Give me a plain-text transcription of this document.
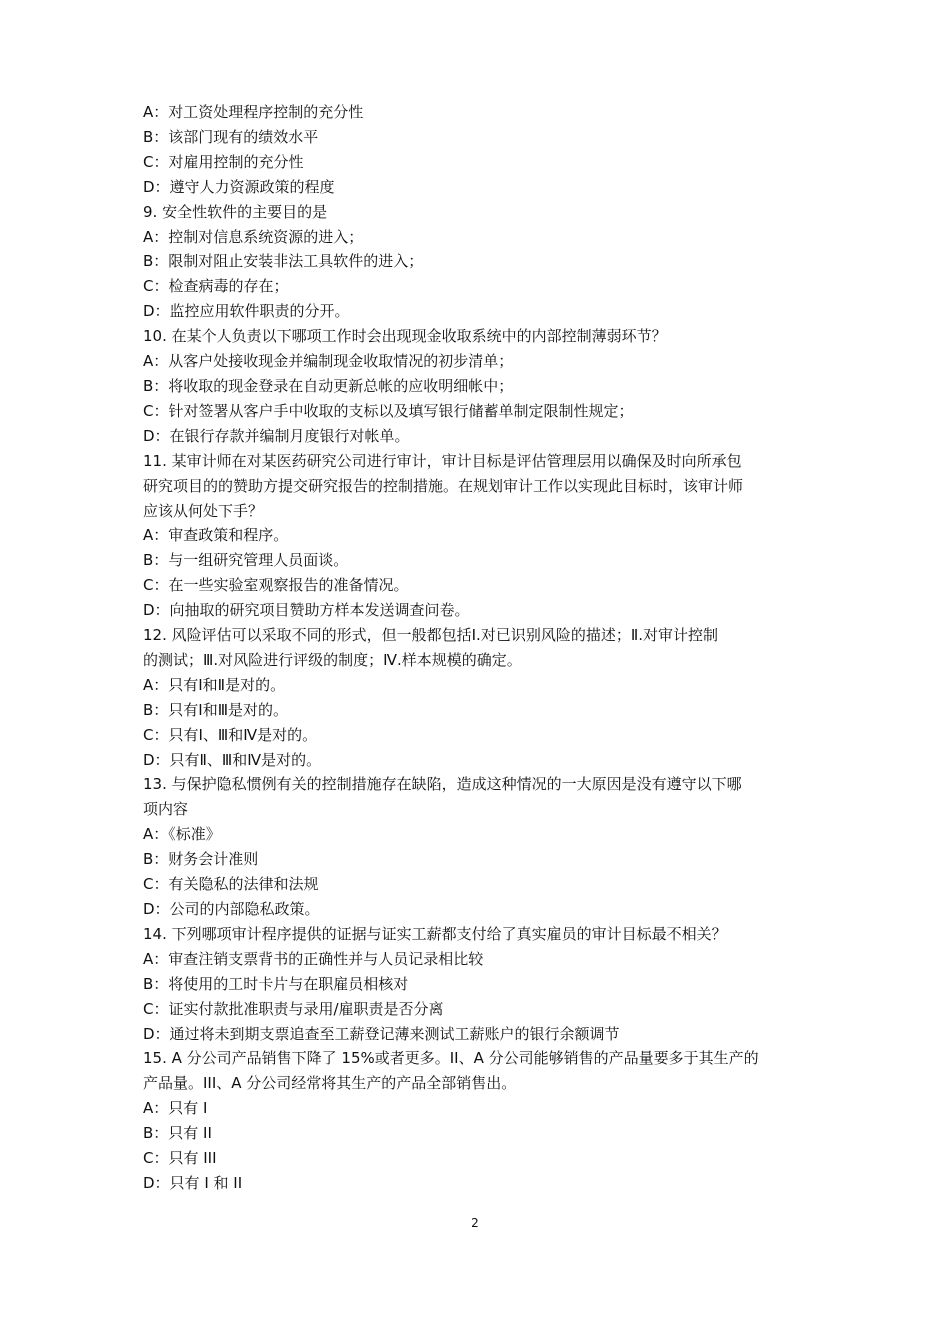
A：对工资处理程序控制的充分性

B：该部门现有的绩效水平

C：对雇用控制的充分性

D：遵守人力资源政策的程度

9. 安全性软件的主要目的是

A：控制对信息系统资源的进入；

B：限制对阻止安装非法工具软件的进入；

C：检查病毒的存在；

D：监控应用软件职责的分开。

10. 在某个人负责以下哪项工作时会出现现金收取系统中的内部控制薄弱环节？

A：从客户处接收现金并编制现金收取情况的初步清单；

B：将收取的现金登录在自动更新总帐的应收明细帐中；

C：针对签署从客户手中收取的支标以及填写银行储蓄单制定限制性规定；

D：在银行存款并编制月度银行对帐单。

11. 某审计师在对某医药研究公司进行审计，审计目标是评估管理层用以确保及时向所承包

研究项目的的赞助方提交研究报告的控制措施。在规划审计工作以实现此目标时，该审计师

应该从何处下手？

A：审查政策和程序。

B：与一组研究管理人员面谈。

C：在一些实验室观察报告的准备情况。

D：向抽取的研究项目赞助方样本发送调查问卷。

12. 风险评估可以采取不同的形式，但一般都包括Ⅰ.对已识别风险的描述；Ⅱ.对审计控制

的测试；Ⅲ.对风险进行评级的制度；Ⅳ.样本规模的确定。

A：只有Ⅰ和Ⅱ是对的。

B：只有Ⅰ和Ⅲ是对的。

C：只有Ⅰ、Ⅲ和Ⅳ是对的。

D：只有Ⅱ、Ⅲ和Ⅳ是对的。

13. 与保护隐私惯例有关的控制措施存在缺陷，造成这种情况的一大原因是没有遵守以下哪

项内容

A：《标准》

B：财务会计准则

C：有关隐私的法律和法规

D：公司的内部隐私政策。

14. 下列哪项审计程序提供的证据与证实工薪都支付给了真实雇员的审计目标最不相关？

A：审查注销支票背书的正确性并与人员记录相比较

B：将使用的工时卡片与在职雇员相核对

C：证实付款批准职责与录用/雇职责是否分离

D：通过将未到期支票追查至工薪登记薄来测试工薪账户的银行余额调节

15. A 分公司产品销售下降了 15%或者更多。II、A 分公司能够销售的产品量要多于其生产的

产品量。III、A 分公司经常将其生产的产品全部销售出。

A：只有 I

B：只有 II

C：只有 III

D：只有 I 和 II

2
